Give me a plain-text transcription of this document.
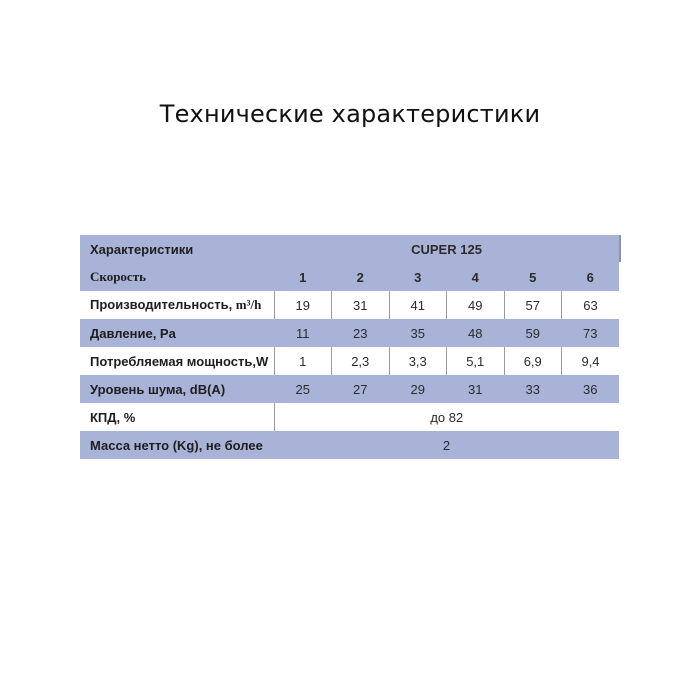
Технические характеристики
Характеристики	CUPER 125					
Скорость	1	2	3	4	5	6
Производительность, m³/h	19	31	41	49	57	63
Давление, Pa	11	23	35	48	59	73
Потребляемая мощность,W	1	2,3	3,3	5,1	6,9	9,4
Уровень шума, dB(A)	25	27	29	31	33	36
КПД, %	до 82					
Масса нетто (Kg), не более	2					
